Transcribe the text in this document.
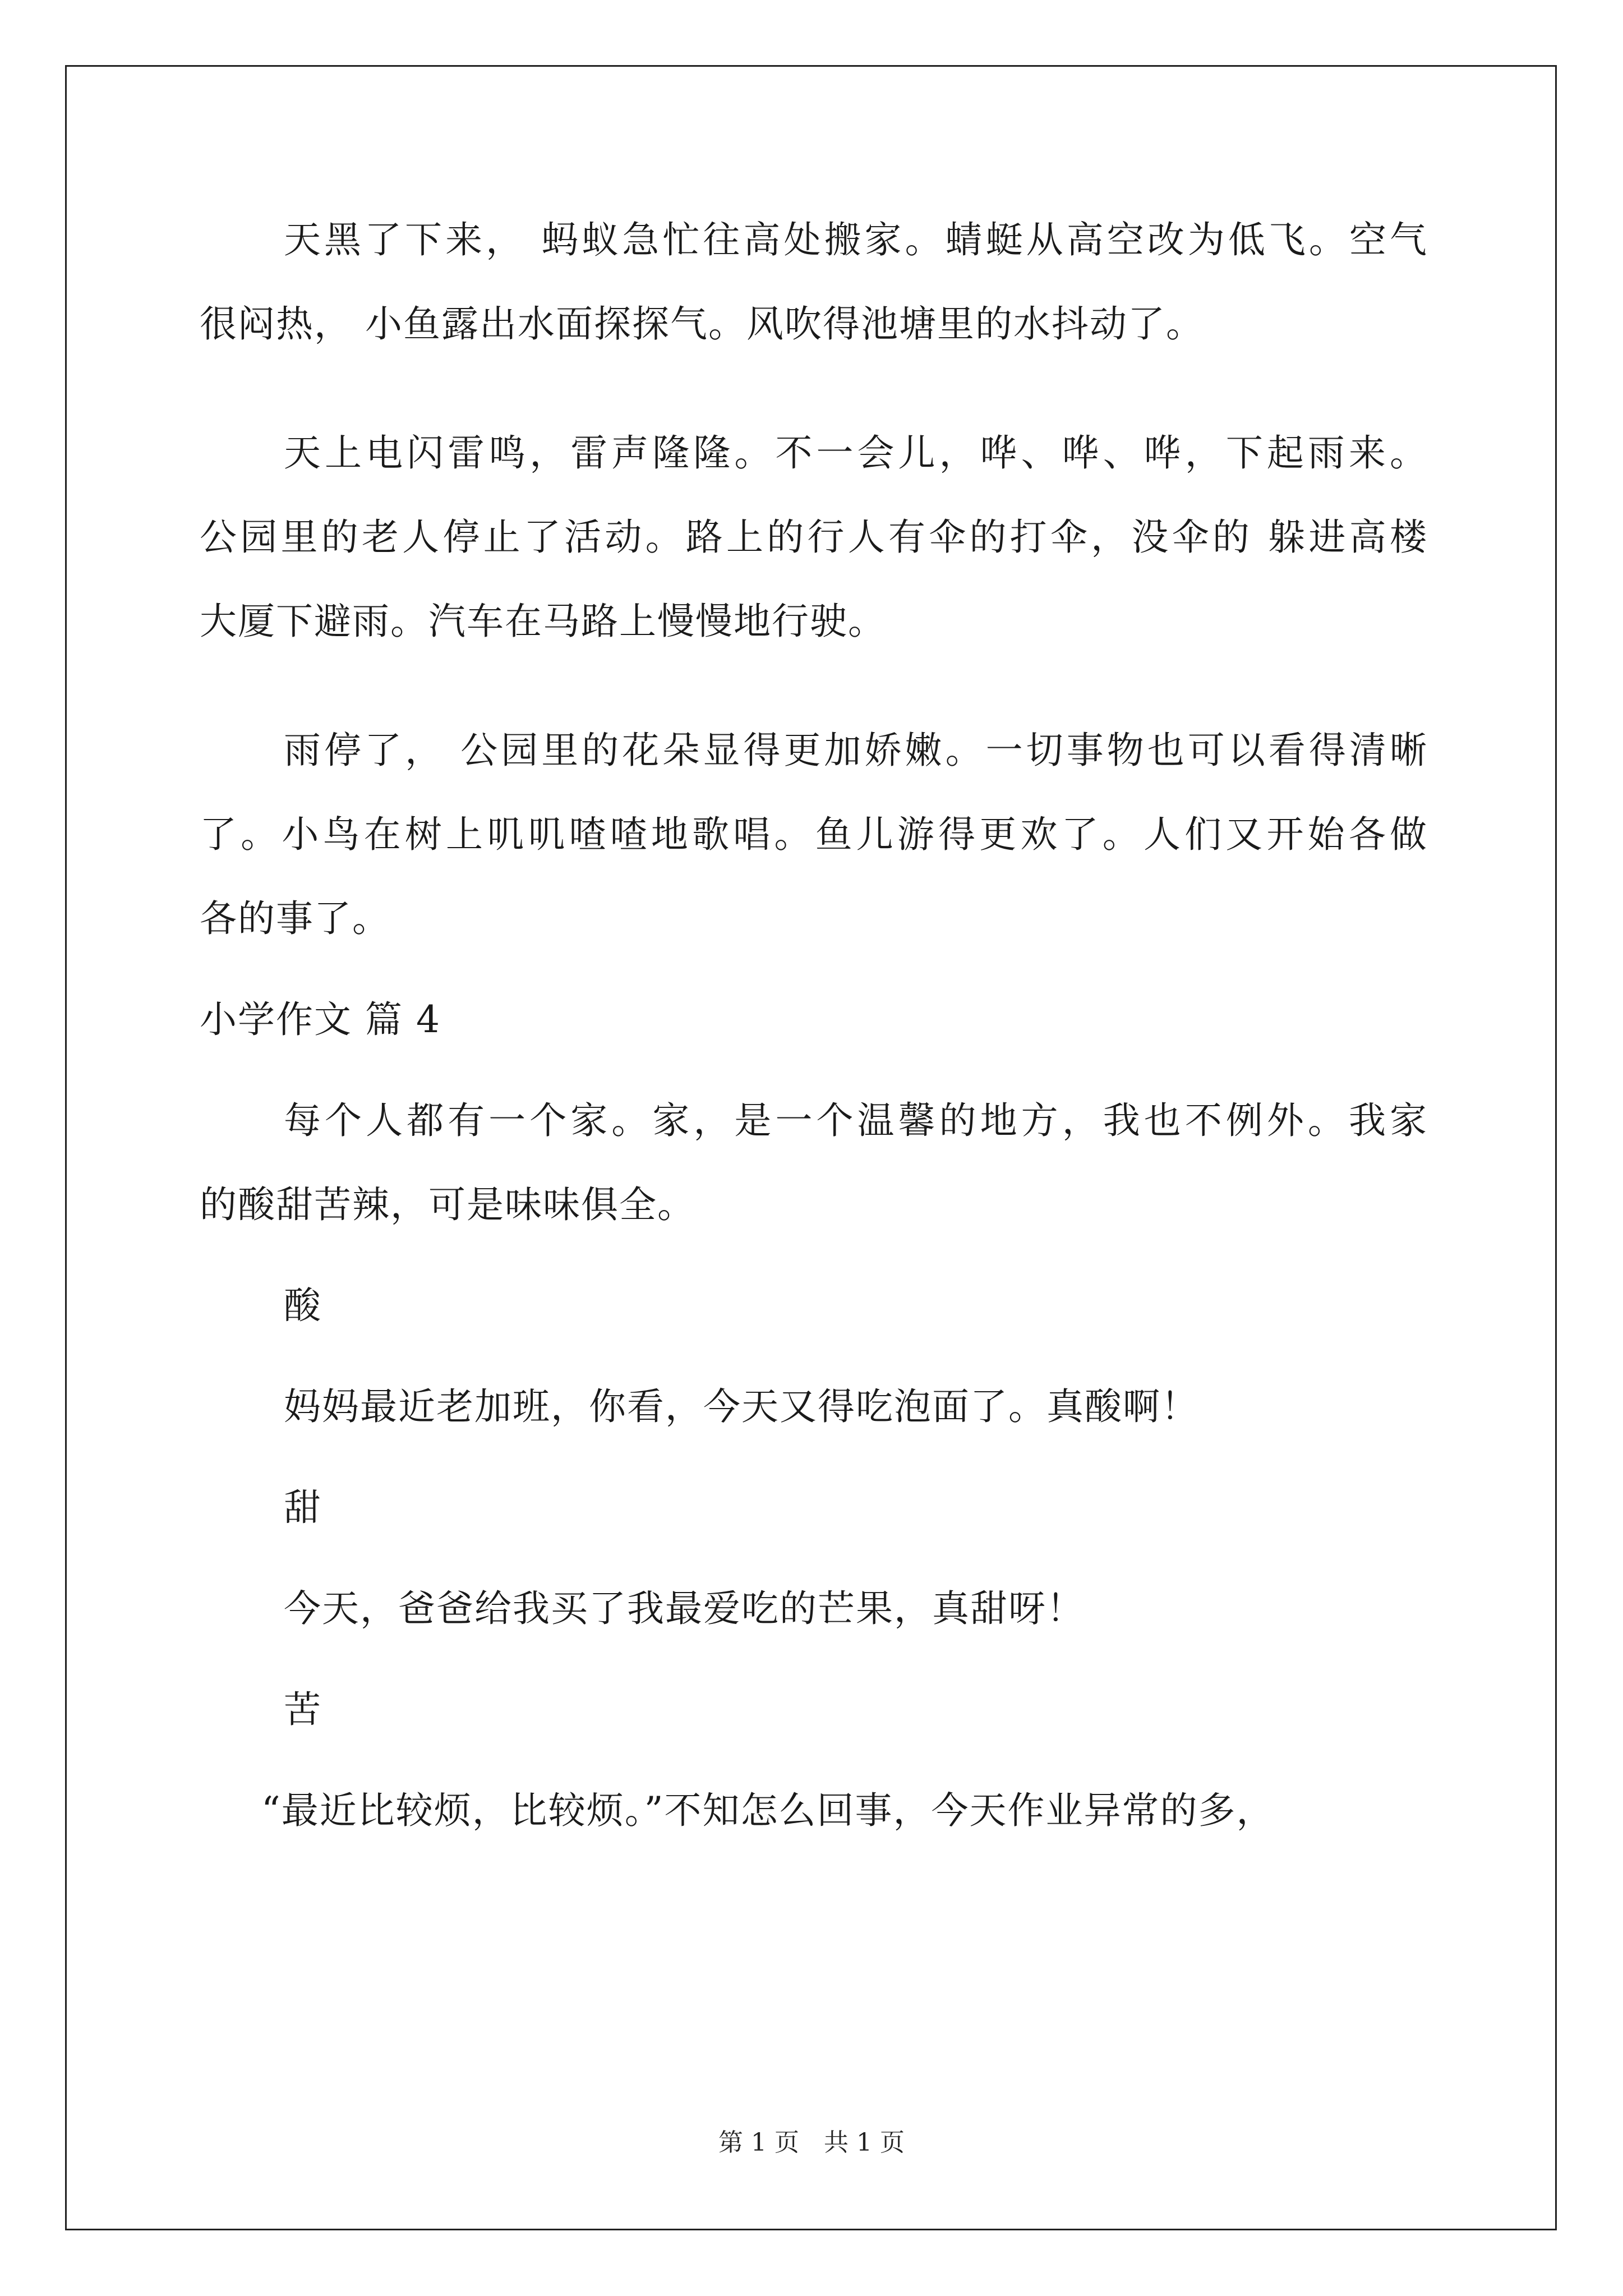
天黑了下来， 蚂蚁急忙往高处搬家。蜻蜓从高空改为低飞。空气
很闷热， 小鱼露出水面探探气。风吹得池塘里的水抖动了。
天上电闪雷鸣，雷声隆隆。不一会儿，哗、哗、哗，下起雨来。
公园里的老人停止了活动。路上的行人有伞的打伞，没伞的 躲进高楼
大厦下避雨。汽车在马路上慢慢地行驶。
雨停了， 公园里的花朵显得更加娇嫩。一切事物也可以看得清晰
了。小鸟在树上叽叽喳喳地歌唱。鱼儿游得更欢了。人们又开始各做
各的事了。
小学作文 篇 4
每个人都有一个家。家，是一个温馨的地方，我也不例外。我家
的酸甜苦辣，可是味味俱全。
酸
妈妈最近老加班，你看，今天又得吃泡面了。真酸啊！
甜
今天，爸爸给我买了我最爱吃的芒果，真甜呀！
苦
“最近比较烦，比较烦。”不知怎么回事，今天作业异常的多，
第 1 页　共 1 页
